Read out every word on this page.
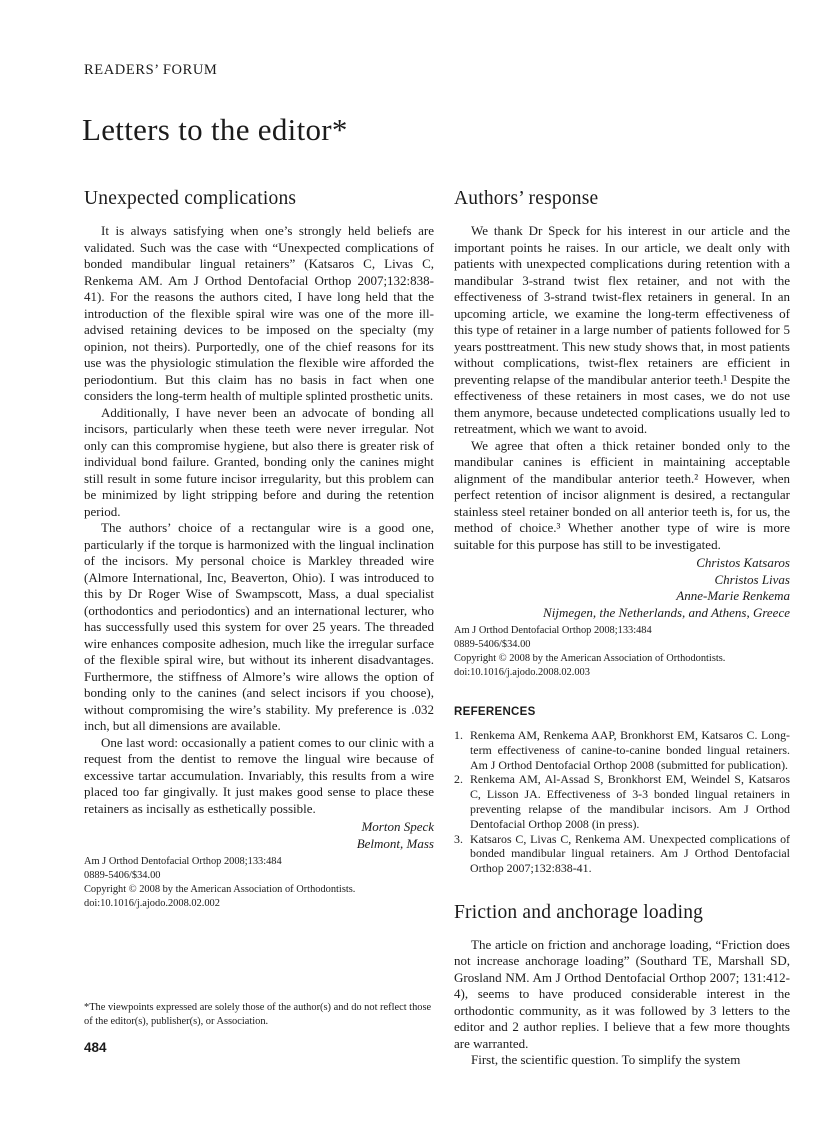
READERS’ FORUM
Letters to the editor*
Unexpected complications

It is always satisfying when one’s strongly held beliefs are validated. Such was the case with “Unexpected complications of bonded mandibular lingual retainers” (Katsaros C, Livas C, Renkema AM. Am J Orthod Dentofacial Orthop 2007;132:838-41). For the reasons the authors cited, I have long held that the introduction of the flexible spiral wire was one of the more ill-advised retaining devices to be imposed on the specialty (my opinion, not theirs). Purportedly, one of the chief reasons for its use was the physiologic stimulation the flexible wire afforded the periodontium. But this claim has no basis in fact when one considers the long-term health of multiple splinted prosthetic units.

Additionally, I have never been an advocate of bonding all incisors, particularly when these teeth were never irregular. Not only can this compromise hygiene, but also there is greater risk of individual bond failure. Granted, bonding only the canines might still result in some future incisor irregularity, but this problem can be minimized by light stripping before and during the retention period.

The authors’ choice of a rectangular wire is a good one, particularly if the torque is harmonized with the lingual inclination of the incisors. My personal choice is Markley threaded wire (Almore International, Inc, Beaverton, Ohio). I was introduced to this by Dr Roger Wise of Swampscott, Mass, a dual specialist (orthodontics and periodontics) and an international lecturer, who has successfully used this system for over 25 years. The threaded wire enhances composite adhesion, much like the irregular surface of the flexible spiral wire, but without its inherent disadvantages. Furthermore, the stiffness of Almore’s wire allows the option of bonding only to the canines (and select incisors if you choose), without compromising the wire’s stability. My preference is .032 inch, but all dimensions are available.

One last word: occasionally a patient comes to our clinic with a request from the dentist to remove the lingual wire because of excessive tartar accumulation. Invariably, this results from a wire placed too far gingivally. It just makes good sense to place these retainers as incisally as esthetically possible.

Morton Speck
Belmont, Mass
Am J Orthod Dentofacial Orthop 2008;133:484
0889-5406/$34.00
Copyright © 2008 by the American Association of Orthodontists.
doi:10.1016/j.ajodo.2008.02.002
Authors’ response

We thank Dr Speck for his interest in our article and the important points he raises. In our article, we dealt only with patients with unexpected complications during retention with a mandibular 3-strand twist flex retainer, and not with the effectiveness of 3-strand twist-flex retainers in general. In an upcoming article, we examine the long-term effectiveness of this type of retainer in a large number of patients followed for 5 years posttreatment. This new study shows that, in most patients without complications, twist-flex retainers are efficient in preventing relapse of the mandibular anterior teeth.¹ Despite the effectiveness of these retainers in most cases, we do not use them anymore, because undetected complications usually led to retreatment, which we want to avoid.

We agree that often a thick retainer bonded only to the mandibular canines is efficient in maintaining acceptable alignment of the mandibular anterior teeth.² However, when perfect retention of incisor alignment is desired, a rectangular stainless steel retainer bonded on all anterior teeth is, for us, the method of choice.³ Whether another type of wire is more suitable for this purpose has still to be investigated.

Christos Katsaros
Christos Livas
Anne-Marie Renkema
Nijmegen, the Netherlands, and Athens, Greece
Am J Orthod Dentofacial Orthop 2008;133:484
0889-5406/$34.00
Copyright © 2008 by the American Association of Orthodontists.
doi:10.1016/j.ajodo.2008.02.003
REFERENCES
1. Renkema AM, Renkema AAP, Bronkhorst EM, Katsaros C. Long-term effectiveness of canine-to-canine bonded lingual retainers. Am J Orthod Dentofacial Orthop 2008 (submitted for publication).
2. Renkema AM, Al-Assad S, Bronkhorst EM, Weindel S, Katsaros C, Lisson JA. Effectiveness of 3-3 bonded lingual retainers in preventing relapse of the mandibular incisors. Am J Orthod Dentofacial Orthop 2008 (in press).
3. Katsaros C, Livas C, Renkema AM. Unexpected complications of bonded mandibular lingual retainers. Am J Orthod Dentofacial Orthop 2007;132:838-41.
Friction and anchorage loading

The article on friction and anchorage loading, “Friction does not increase anchorage loading” (Southard TE, Marshall SD, Grosland NM. Am J Orthod Dentofacial Orthop 2007; 131:412-4), seems to have produced considerable interest in the orthodontic community, as it was followed by 3 letters to the editor and 2 author replies. I believe that a few more thoughts are warranted.

First, the scientific question. To simplify the system

*The viewpoints expressed are solely those of the author(s) and do not reflect those of the editor(s), publisher(s), or Association.
484
